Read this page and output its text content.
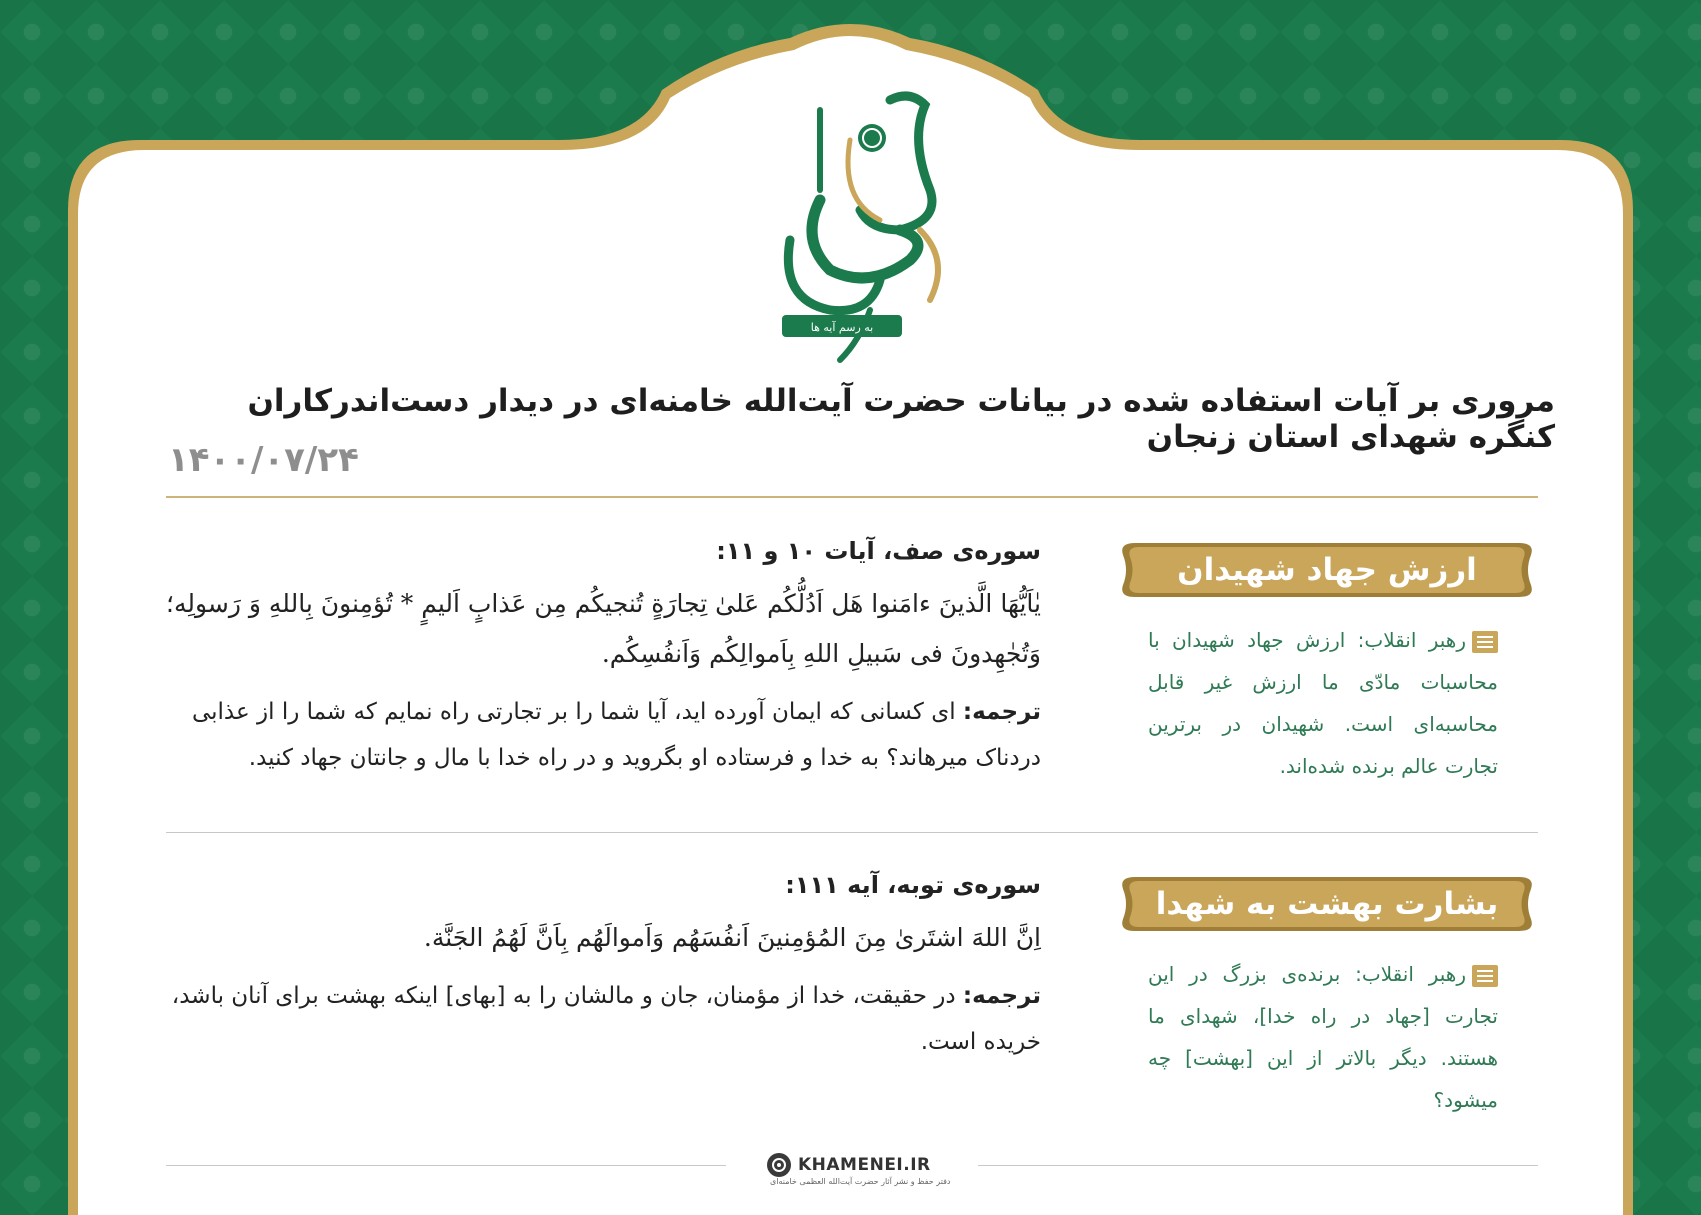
به رسم آیه ها
مروری بر آیات استفاده شده در بیانات حضرت آیت‌الله خامنه‌ای در دیدار دست‌اندرکاران کنگره شهدای استان زنجان
۱۴۰۰/۰۷/۲۴
ارزش جهاد شهیدان

رهبر انقلاب: ارزش جهاد شهیدان با محاسبات مادّی ما ارزش غیر قابل محاسبه‌ای است. شهیدان در برترین تجارت عالم برنده شده‌اند.

سوره‌ی صف، آیات ۱۰ و ۱۱:

یٰاَیُّهَا الَّذینَ ءامَنوا هَل اَدُلُّکُم عَلیٰ تِجارَةٍ تُنجیکُم مِن عَذابٍ اَلیمٍ * تُؤمِنونَ بِاللهِ وَ رَسولِه؛ وَتُجٰهِدونَ فی سَبیلِ اللهِ بِاَموالِکُم وَاَنفُسِکُم.

ترجمه: ای کسانی که ایمان آورده اید، آیا شما را بر تجارتی راه نمایم که شما را از عذابی دردناک میرهاند؟ به خدا و فرستاده او بگروید و در راه خدا با مال و جانتان جهاد کنید.

بشارت بهشت به شهدا

رهبر انقلاب: برنده‌ی بزرگ در این تجارت [جهاد در راه خدا]، شهدای ما هستند. دیگر بالاتر از این [بهشت] چه میشود؟

سوره‌ی توبه، آیه ۱۱۱:

اِنَّ اللهَ اشتَریٰ مِنَ المُؤمِنینَ اَنفُسَهُم وَاَموالَهُم بِاَنَّ لَهُمُ الجَنَّة.

ترجمه: در حقیقت، خدا از مؤمنان، جان و مالشان را به [بهای] اینکه بهشت برای آنان باشد، خریده است.

KHAMENEI.IR
دفتر حفظ و نشر آثار حضرت آیت‌الله العظمی خامنه‌ای
